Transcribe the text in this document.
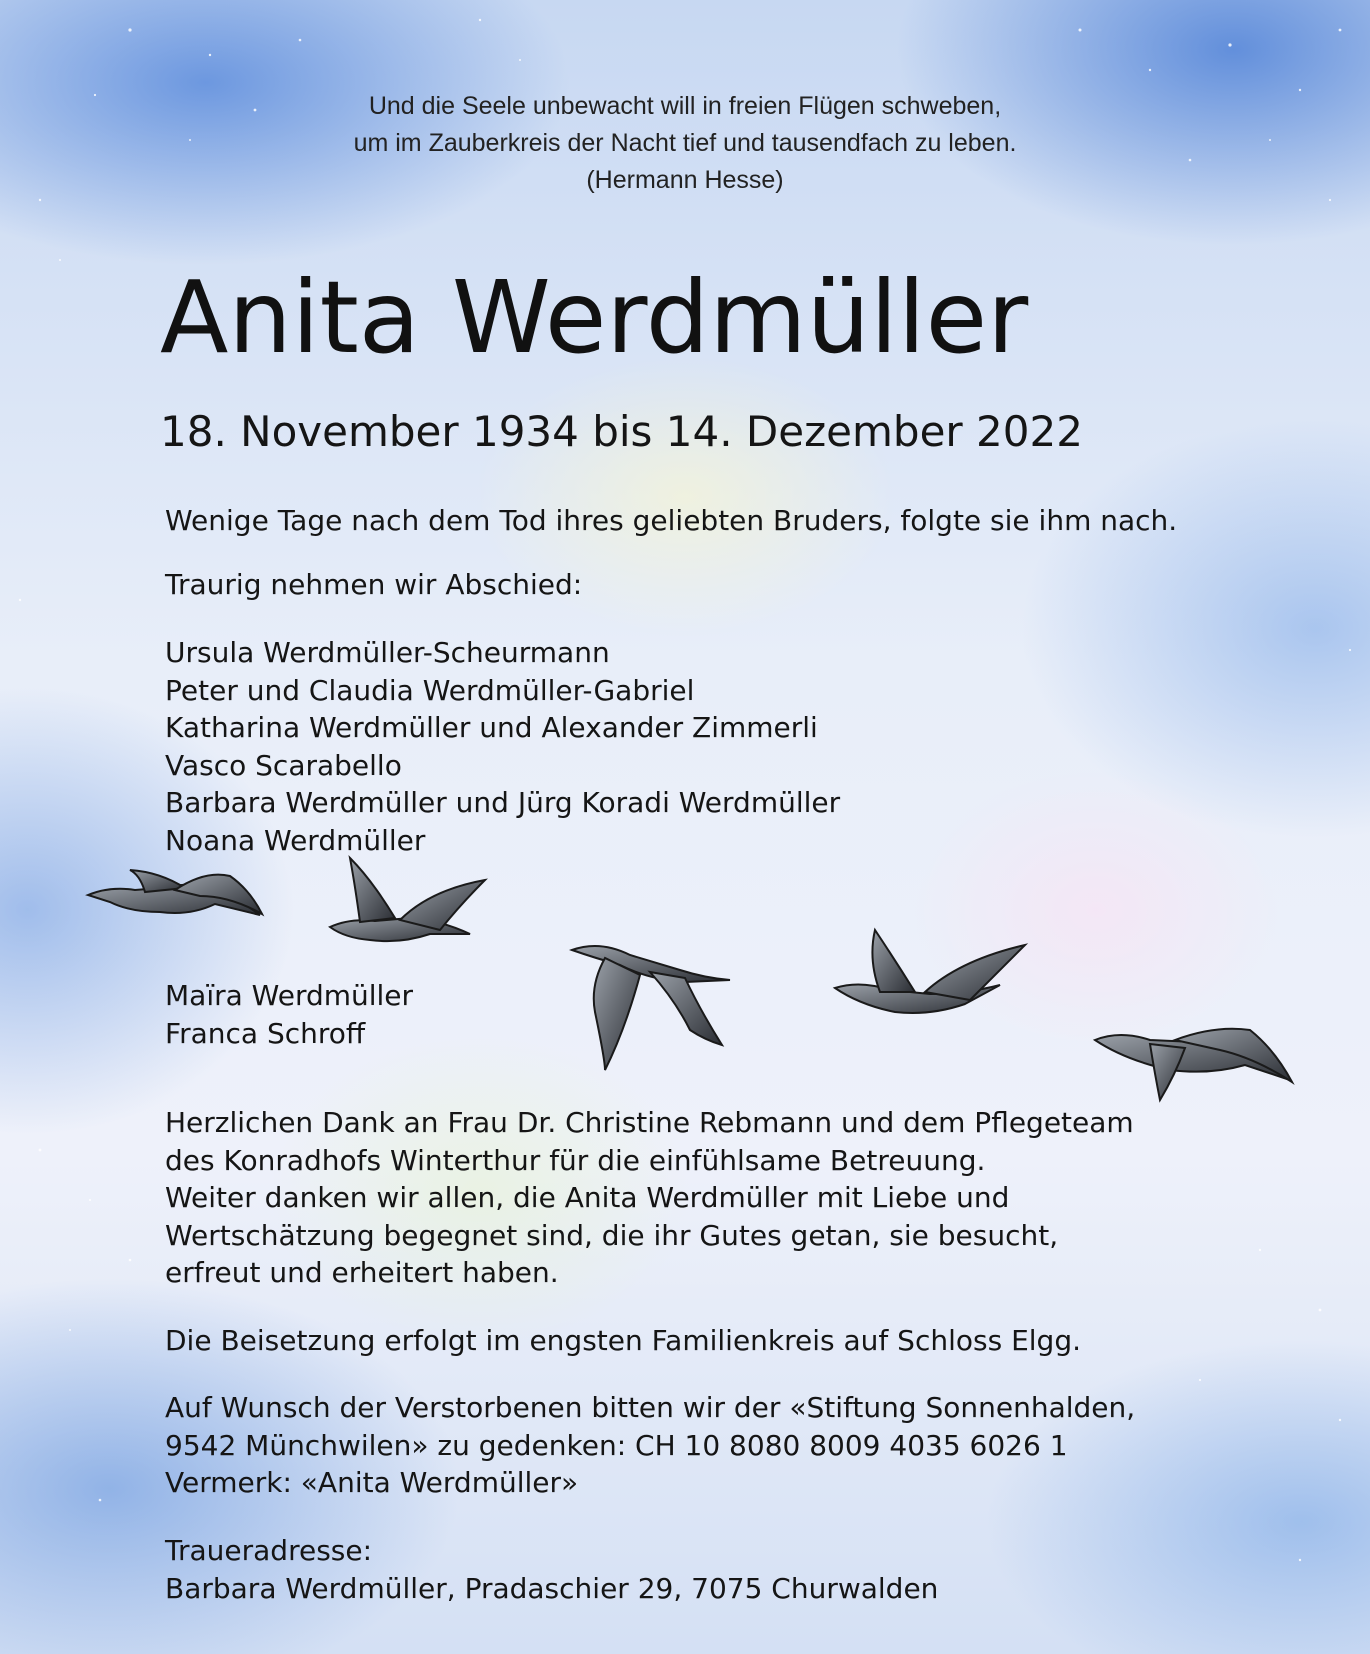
Und die Seele unbewacht will in freien Flügen schweben,
um im Zauberkreis der Nacht tief und tausendfach zu leben.
(Hermann Hesse)
Anita Werdmüller
18. November 1934 bis 14. Dezember 2022
Wenige Tage nach dem Tod ihres geliebten Bruders, folgte sie ihm nach.
Traurig nehmen wir Abschied:
Ursula Werdmüller-Scheurmann
Peter und Claudia Werdmüller-Gabriel
Katharina Werdmüller und Alexander Zimmerli
Vasco Scarabello
Barbara Werdmüller und Jürg Koradi Werdmüller
Noana Werdmüller
Maïra Werdmüller
Franca Schroff
Herzlichen Dank an Frau Dr. Christine Rebmann und dem Pflegeteam
des Konradhofs Winterthur für die einfühlsame Betreuung.
Weiter danken wir allen, die Anita Werdmüller mit Liebe und
Wertschätzung begegnet sind, die ihr Gutes getan, sie besucht,
erfreut und erheitert haben.
Die Beisetzung erfolgt im engsten Familienkreis auf Schloss Elgg.
Auf Wunsch der Verstorbenen bitten wir der «Stiftung Sonnenhalden,
9542 Münchwilen» zu gedenken: CH 10 8080 8009 4035 6026 1
Vermerk: «Anita Werdmüller»
Traueradresse:
Barbara Werdmüller, Pradaschier 29, 7075 Churwalden
